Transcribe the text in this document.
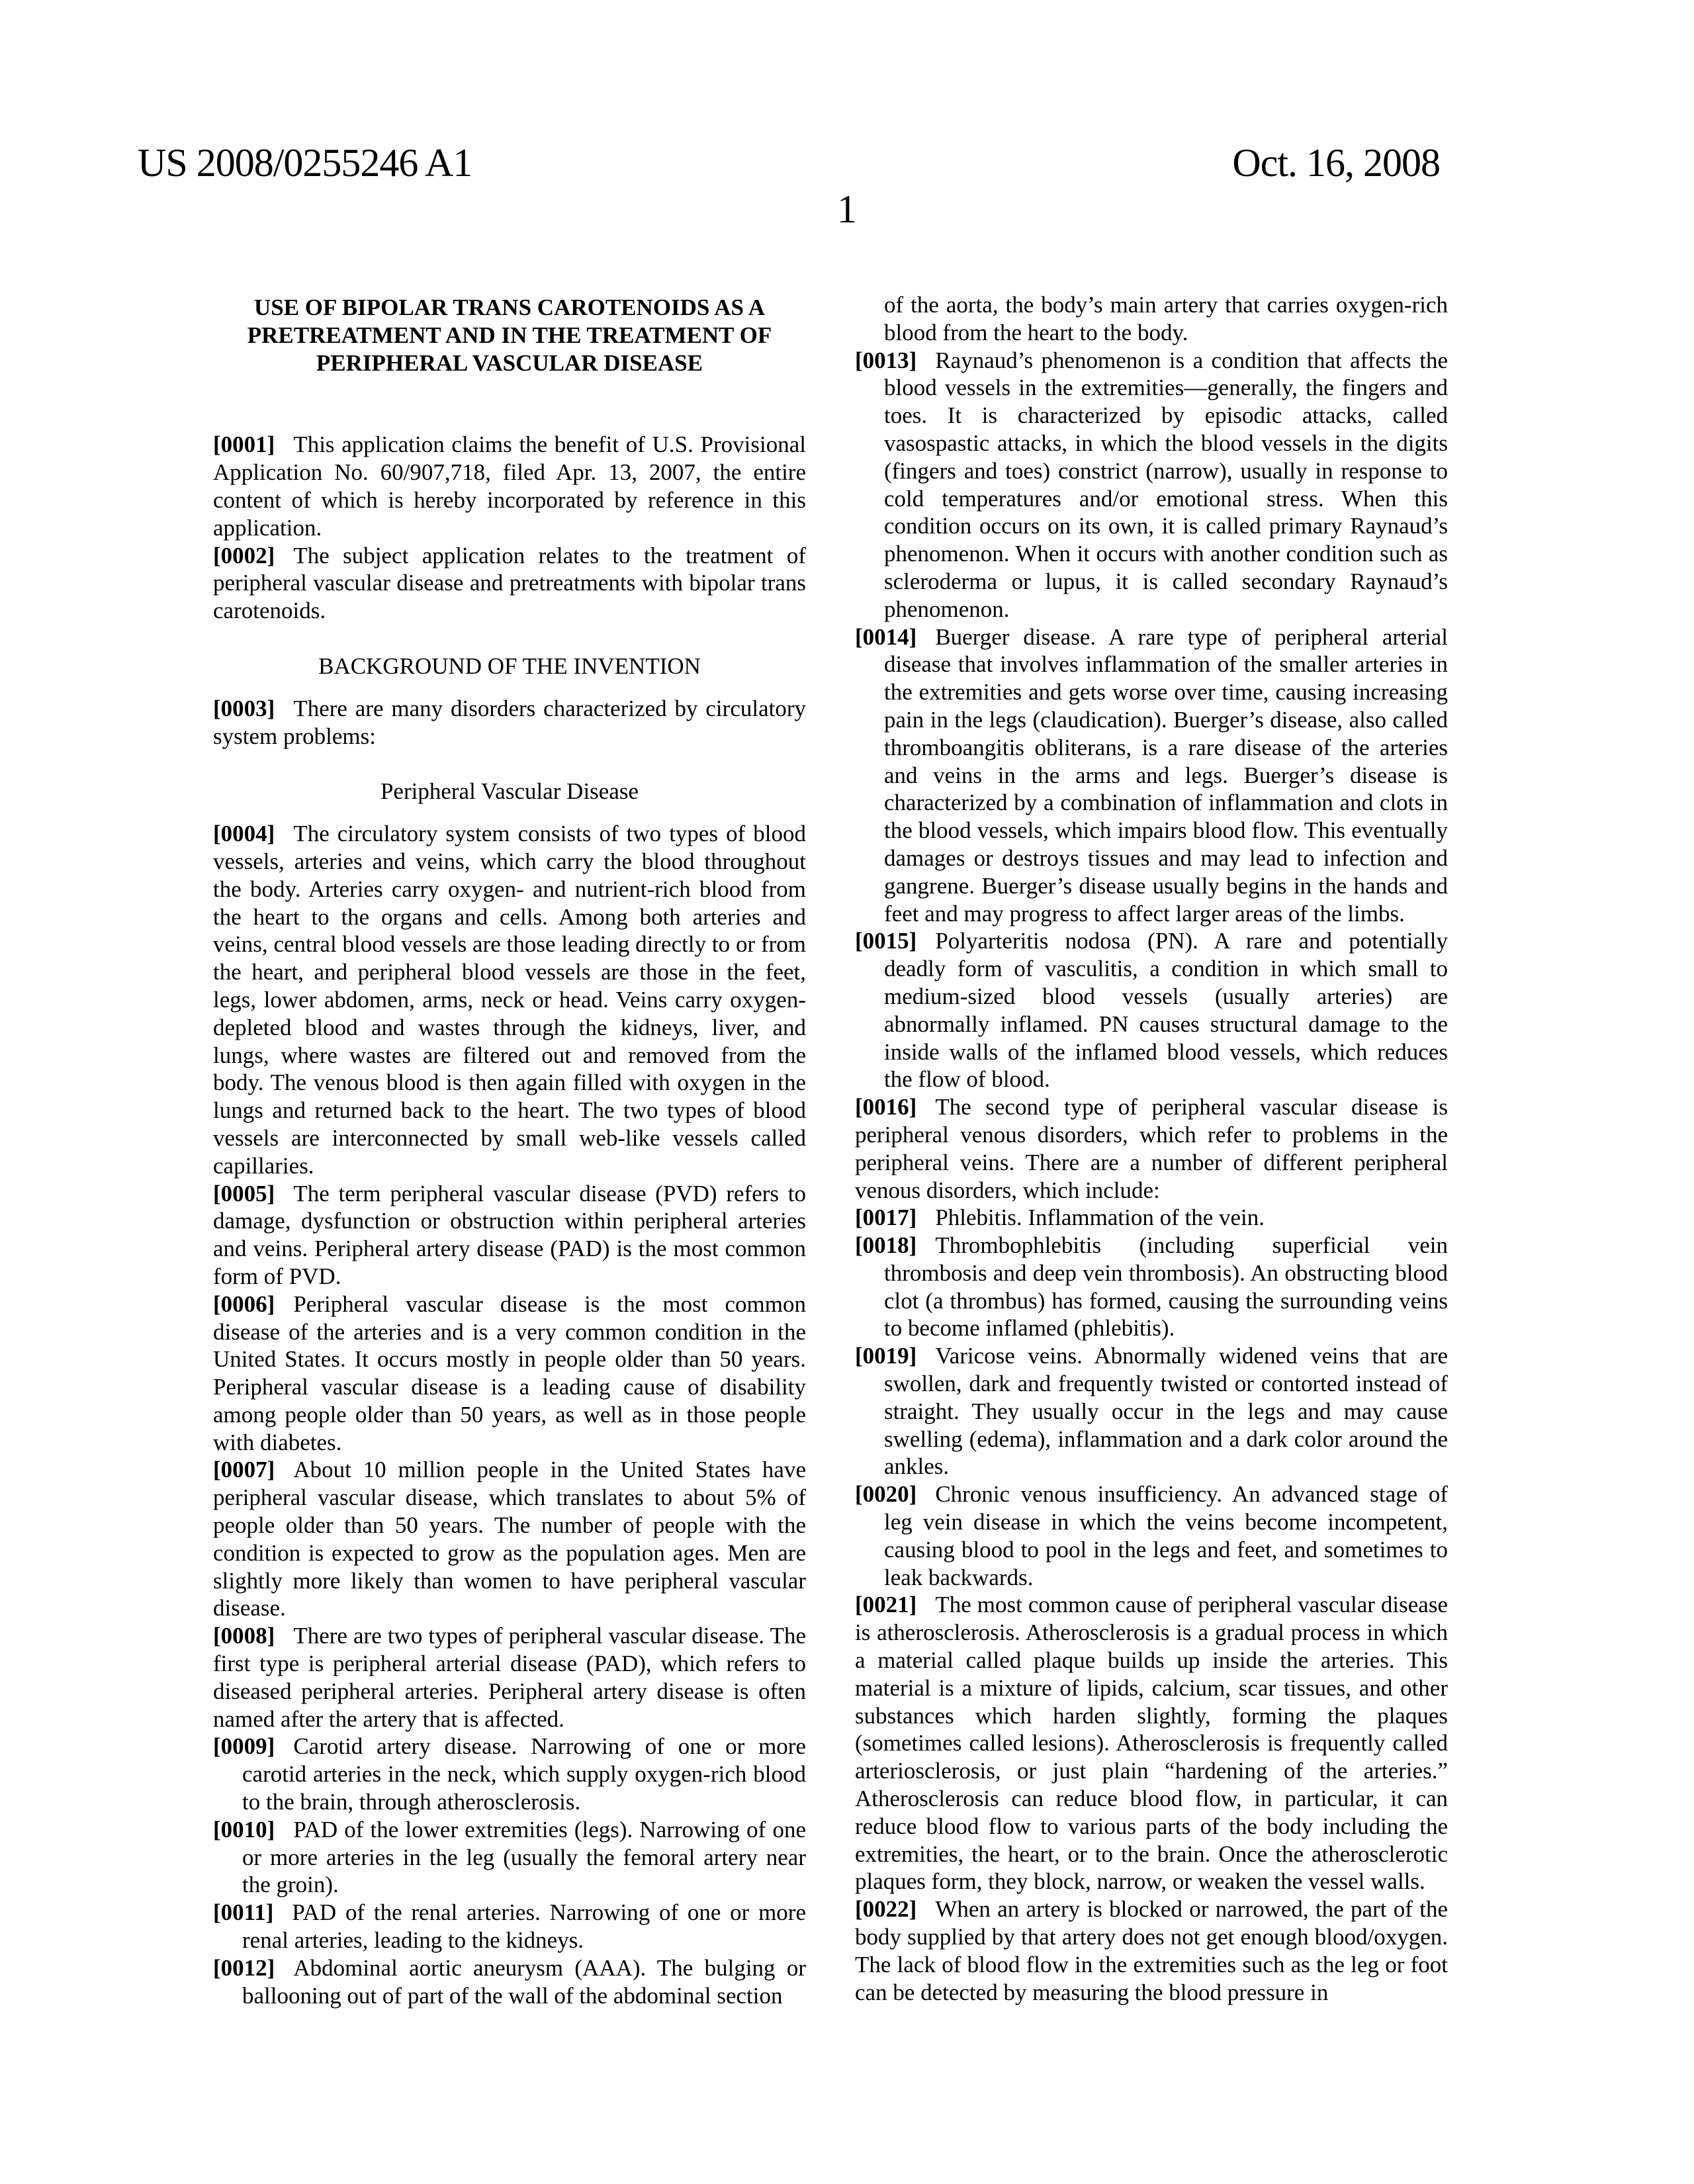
US 2008/0255246 A1	Oct. 16, 2008
1
USE OF BIPOLAR TRANS CAROTENOIDS AS A PRETREATMENT AND IN THE TREATMENT OF PERIPHERAL VASCULAR DISEASE
[0001] This application claims the benefit of U.S. Provisional Application No. 60/907,718, filed Apr. 13, 2007, the entire content of which is hereby incorporated by reference in this application.
[0002] The subject application relates to the treatment of peripheral vascular disease and pretreatments with bipolar trans carotenoids.
BACKGROUND OF THE INVENTION
[0003] There are many disorders characterized by circulatory system problems:
Peripheral Vascular Disease
[0004] The circulatory system consists of two types of blood vessels, arteries and veins, which carry the blood throughout the body. Arteries carry oxygen- and nutrient-rich blood from the heart to the organs and cells. Among both arteries and veins, central blood vessels are those leading directly to or from the heart, and peripheral blood vessels are those in the feet, legs, lower abdomen, arms, neck or head. Veins carry oxygen-depleted blood and wastes through the kidneys, liver, and lungs, where wastes are filtered out and removed from the body. The venous blood is then again filled with oxygen in the lungs and returned back to the heart. The two types of blood vessels are interconnected by small web-like vessels called capillaries.
[0005] The term peripheral vascular disease (PVD) refers to damage, dysfunction or obstruction within peripheral arteries and veins. Peripheral artery disease (PAD) is the most common form of PVD.
[0006] Peripheral vascular disease is the most common disease of the arteries and is a very common condition in the United States. It occurs mostly in people older than 50 years. Peripheral vascular disease is a leading cause of disability among people older than 50 years, as well as in those people with diabetes.
[0007] About 10 million people in the United States have peripheral vascular disease, which translates to about 5% of people older than 50 years. The number of people with the condition is expected to grow as the population ages. Men are slightly more likely than women to have peripheral vascular disease.
[0008] There are two types of peripheral vascular disease. The first type is peripheral arterial disease (PAD), which refers to diseased peripheral arteries. Peripheral artery disease is often named after the artery that is affected.
[0009] Carotid artery disease. Narrowing of one or more carotid arteries in the neck, which supply oxygen-rich blood to the brain, through atherosclerosis.
[0010] PAD of the lower extremities (legs). Narrowing of one or more arteries in the leg (usually the femoral artery near the groin).
[0011] PAD of the renal arteries. Narrowing of one or more renal arteries, leading to the kidneys.
[0012] Abdominal aortic aneurysm (AAA). The bulging or ballooning out of part of the wall of the abdominal section
of the aorta, the body’s main artery that carries oxygen-rich blood from the heart to the body.
[0013] Raynaud’s phenomenon is a condition that affects the blood vessels in the extremities—generally, the fingers and toes. It is characterized by episodic attacks, called vasospastic attacks, in which the blood vessels in the digits (fingers and toes) constrict (narrow), usually in response to cold temperatures and/or emotional stress. When this condition occurs on its own, it is called primary Raynaud’s phenomenon. When it occurs with another condition such as scleroderma or lupus, it is called secondary Raynaud’s phenomenon.
[0014] Buerger disease. A rare type of peripheral arterial disease that involves inflammation of the smaller arteries in the extremities and gets worse over time, causing increasing pain in the legs (claudication). Buerger’s disease, also called thromboangitis obliterans, is a rare disease of the arteries and veins in the arms and legs. Buerger’s disease is characterized by a combination of inflammation and clots in the blood vessels, which impairs blood flow. This eventually damages or destroys tissues and may lead to infection and gangrene. Buerger’s disease usually begins in the hands and feet and may progress to affect larger areas of the limbs.
[0015] Polyarteritis nodosa (PN). A rare and potentially deadly form of vasculitis, a condition in which small to medium-sized blood vessels (usually arteries) are abnormally inflamed. PN causes structural damage to the inside walls of the inflamed blood vessels, which reduces the flow of blood.
[0016] The second type of peripheral vascular disease is peripheral venous disorders, which refer to problems in the peripheral veins. There are a number of different peripheral venous disorders, which include:
[0017] Phlebitis. Inflammation of the vein.
[0018] Thrombophlebitis (including superficial vein thrombosis and deep vein thrombosis). An obstructing blood clot (a thrombus) has formed, causing the surrounding veins to become inflamed (phlebitis).
[0019] Varicose veins. Abnormally widened veins that are swollen, dark and frequently twisted or contorted instead of straight. They usually occur in the legs and may cause swelling (edema), inflammation and a dark color around the ankles.
[0020] Chronic venous insufficiency. An advanced stage of leg vein disease in which the veins become incompetent, causing blood to pool in the legs and feet, and sometimes to leak backwards.
[0021] The most common cause of peripheral vascular disease is atherosclerosis. Atherosclerosis is a gradual process in which a material called plaque builds up inside the arteries. This material is a mixture of lipids, calcium, scar tissues, and other substances which harden slightly, forming the plaques (sometimes called lesions). Atherosclerosis is frequently called arteriosclerosis, or just plain “hardening of the arteries.” Atherosclerosis can reduce blood flow, in particular, it can reduce blood flow to various parts of the body including the extremities, the heart, or to the brain. Once the atherosclerotic plaques form, they block, narrow, or weaken the vessel walls.
[0022] When an artery is blocked or narrowed, the part of the body supplied by that artery does not get enough blood/oxygen. The lack of blood flow in the extremities such as the leg or foot can be detected by measuring the blood pressure in
